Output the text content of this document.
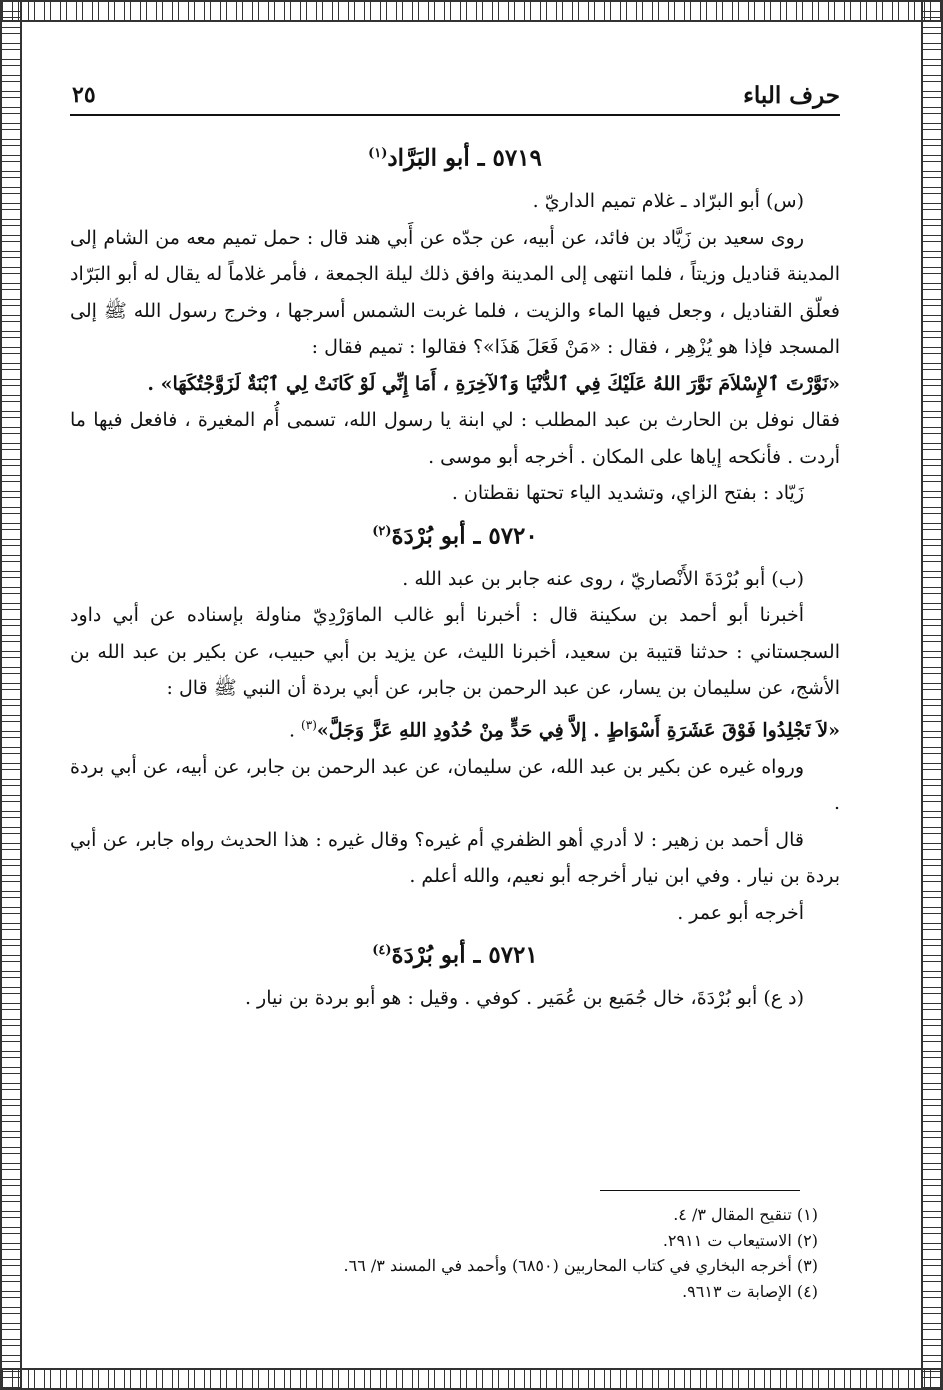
حرف الباء
٢٥
٥٧١٩ ـ أبو البَرَّاد$^{(١)}$

(س) أبو البرّاد ـ غلام تميم الداريّ .

روى سعيد بن زَيَّاد بن فائد، عن أبيه، عن جدّه عن أَبي هند قال : حمل تميم معه من الشام إلى المدينة قناديل وزيتاً ، فلما انتهى إلى المدينة وافق ذلك ليلة الجمعة ، فأمر غلاماً له يقال له أبو البَرّاد فعلّق القناديل ، وجعل فيها الماء والزيت ، فلما غربت الشمس أسرجها ، وخرج رسول الله ﷺ إلى المسجد فإذا هو يُزْهِر ، فقال : «مَنْ فَعَلَ هَذَا»؟ فقالوا : تميم فقال :

«نَوَّرْتَ ٱلإِسْلاَمَ نَوَّرَ اللهُ عَلَيْكَ فِي ٱلدُّنْيَا وَٱلآخِرَةِ ، أَمَا إِنِّي لَوْ كَانَتْ لِي ٱبْنَةٌ لَزَوَّجْتُكَهَا» .

فقال نوفل بن الحارث بن عبد المطلب : لي ابنة يا رسول الله، تسمى أُم المغيرة ، فافعل فيها ما أردت . فأنكحه إياها على المكان . أخرجه أبو موسى .

زَيّاد : بفتح الزاي، وتشديد الياء تحتها نقطتان .

٥٧٢٠ ـ أبو بُرْدَةَ$^{(٢)}$

(ب) أبو بُرْدَةَ الأَنْصاريّ ، روى عنه جابر بن عبد الله .

أخبرنا أبو أحمد بن سكينة قال : أخبرنا أبو غالب الماوَرْدِيّ مناولة بإسناده عن أبي داود السجستاني : حدثنا قتيبة بن سعيد، أخبرنا الليث، عن يزيد بن أبي حبيب، عن بكير بن عبد الله بن الأشج، عن سليمان بن يسار، عن عبد الرحمن بن جابر، عن أبي بردة أن النبي ﷺ قال :

«لاَ تَجْلِدُوا فَوْقَ عَشَرَةِ أَسْوَاطٍ . إلاَّ فِي حَدٍّ مِنْ حُدُودِ اللهِ عَزَّ وَجَلَّ»$^{(٣)}$ .

ورواه غيره عن بكير بن عبد الله، عن سليمان، عن عبد الرحمن بن جابر، عن أبيه، عن أبي بردة .

قال أحمد بن زهير : لا أدري أهو الظفري أم غيره؟ وقال غيره : هذا الحديث رواه جابر، عن أبي بردة بن نيار . وفي ابن نيار أخرجه أبو نعيم، والله أعلم .

أخرجه أبو عمر .

٥٧٢١ ـ أبو بُرْدَةَ$^{(٤)}$

(د ع) أبو بُرْدَةَ، خال جُمَيع بن عُمَير . كوفي . وقيل : هو أبو بردة بن نيار .

(١) تنقيح المقال ٣/ ٤.
(٢) الاستيعاب ت ٢٩١١.
(٣) أخرجه البخاري في كتاب المحاربين (٦٨٥٠) وأحمد في المسند ٣/ ٦٦.
(٤) الإصابة ت ٩٦١٣.
